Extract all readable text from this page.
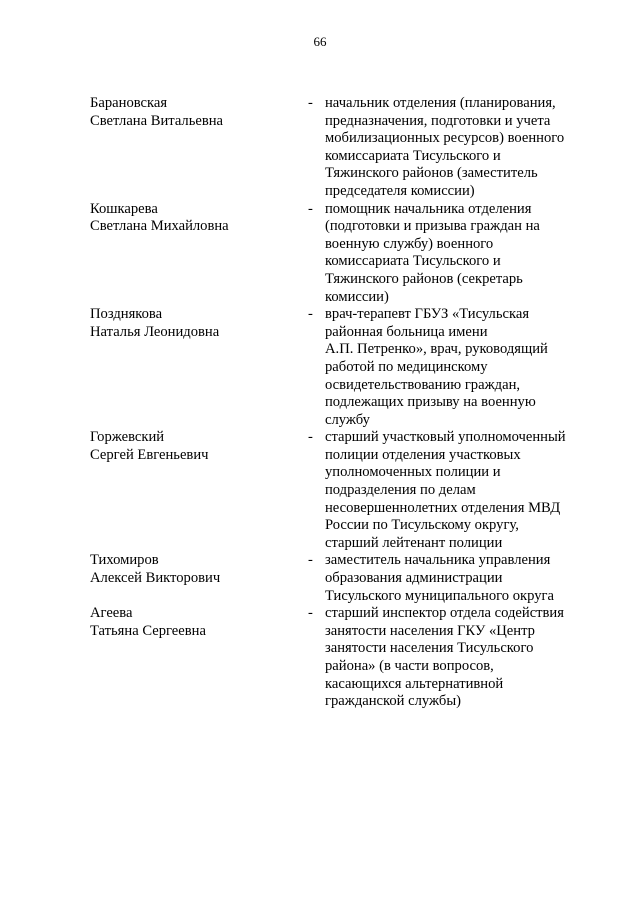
66
Барановская
Светлана Витальевна
- начальник отделения (планирования,
предназначения, подготовки и учета
мобилизационных ресурсов) военного
комиссариата Тисульского и
Тяжинского районов (заместитель
председателя комиссии)
Кошкарева
Светлана Михайловна
- помощник начальника отделения
(подготовки и призыва граждан на
военную службу) военного
комиссариата Тисульского и
Тяжинского районов (секретарь
комиссии)
Позднякова
Наталья Леонидовна
- врач-терапевт ГБУЗ «Тисульская
районная больница имени
А.П. Петренко», врач, руководящий
работой по медицинскому
освидетельствованию граждан,
подлежащих призыву на военную
службу
Горжевский
Сергей Евгеньевич
- старший участковый уполномоченный
полиции отделения участковых
уполномоченных полиции и
подразделения по делам
несовершеннолетних отделения МВД
России по Тисульскому округу,
старший лейтенант полиции
Тихомиров
Алексей Викторович
- заместитель начальника управления
образования администрации
Тисульского муниципального округа
Агеева
Татьяна Сергеевна
- старший инспектор отдела содействия
занятости населения ГКУ «Центр
занятости населения Тисульского
района» (в части вопросов,
касающихся альтернативной
гражданской службы)
